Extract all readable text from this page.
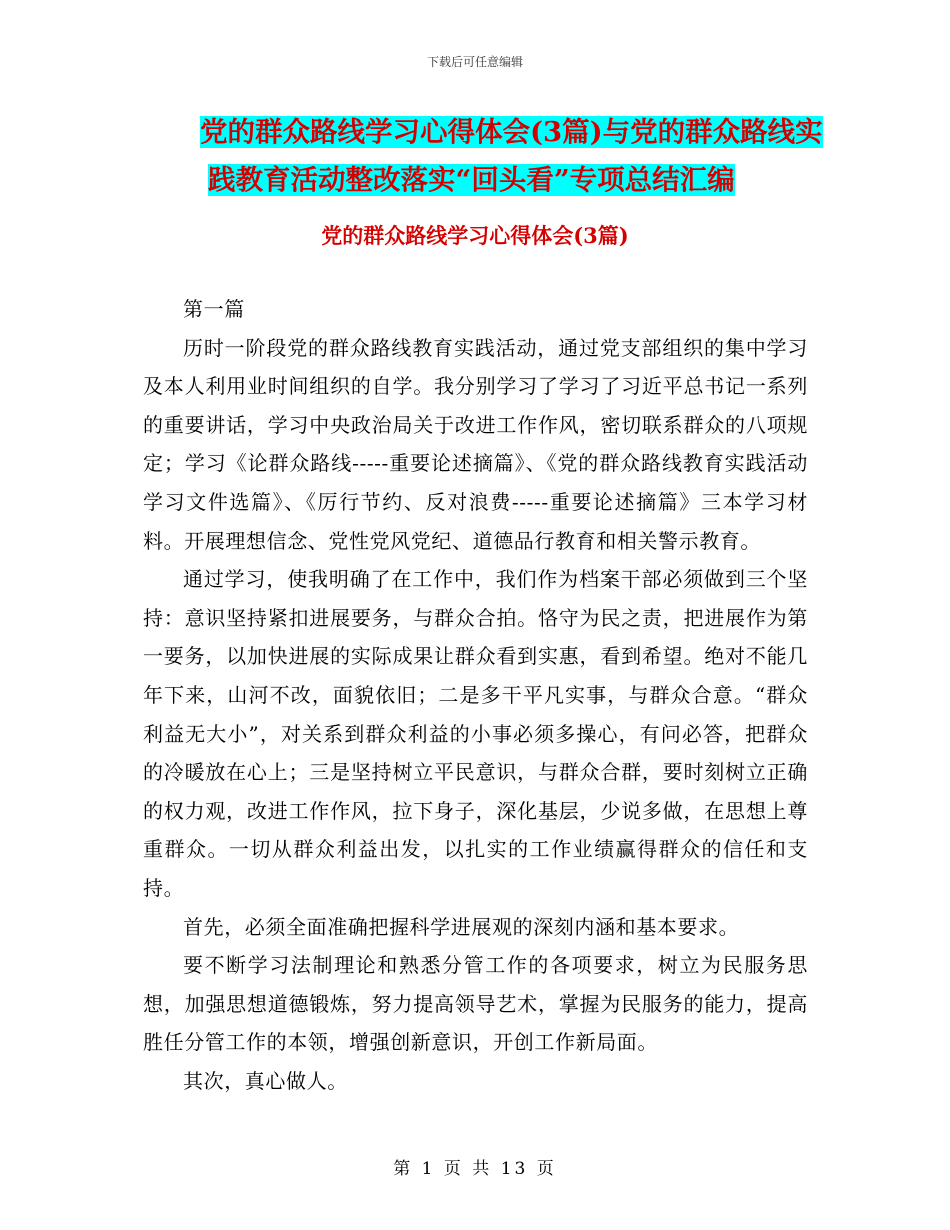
下载后可任意编辑
党的群众路线学习心得体会(3篇)与党的群众路线实
践教育活动整改落实“回头看”专项总结汇编
党的群众路线学习心得体会(3篇)

第一篇

历时一阶段党的群众路线教育实践活动，通过党支部组织的集中学习及本人利用业时间组织的自学。我分别学习了学习了习近平总书记一系列的重要讲话，学习中央政治局关于改进工作作风，密切联系群众的八项规定；学习《论群众路线-----重要论述摘篇》、《党的群众路线教育实践活动学习文件选篇》、《厉行节约、反对浪费-----重要论述摘篇》三本学习材料。开展理想信念、党性党风党纪、道德品行教育和相关警示教育。

通过学习，使我明确了在工作中，我们作为档案干部必须做到三个坚持：意识坚持紧扣进展要务，与群众合拍。恪守为民之责，把进展作为第一要务，以加快进展的实际成果让群众看到实惠，看到希望。绝对不能几年下来，山河不改，面貌依旧；二是多干平凡实事，与群众合意。“群众利益无大小”，对关系到群众利益的小事必须多操心，有问必答，把群众的冷暖放在心上；三是坚持树立平民意识，与群众合群，要时刻树立正确的权力观，改进工作作风，拉下身子，深化基层，少说多做，在思想上尊重群众。一切从群众利益出发，以扎实的工作业绩赢得群众的信任和支持。

首先，必须全面准确把握科学进展观的深刻内涵和基本要求。

要不断学习法制理论和熟悉分管工作的各项要求，树立为民服务思想，加强思想道德锻炼，努力提高领导艺术，掌握为民服务的能力，提高胜任分管工作的本领，增强创新意识，开创工作新局面。

其次，真心做人。

第 1 页 共 13 页
